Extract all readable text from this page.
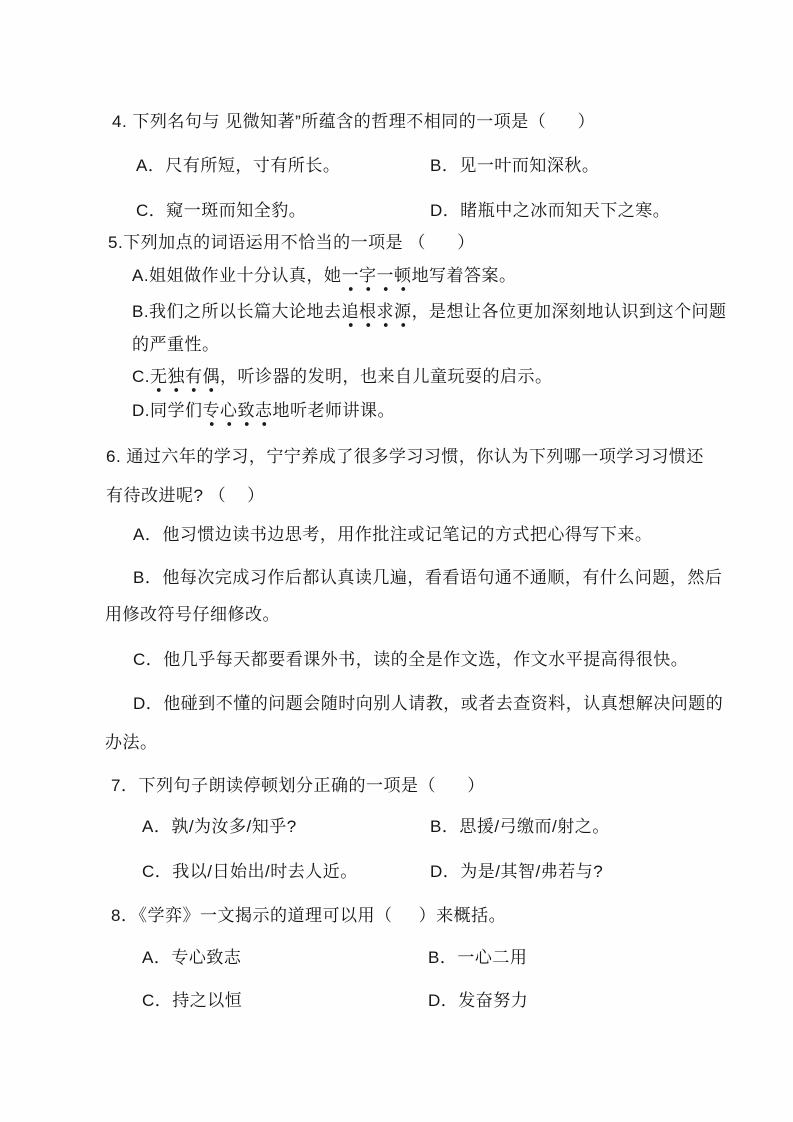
4. 下列名句与 见微知著”所蕴含的哲理不相同的一项是（      ）
A．尺有所短，寸有所长。	B．见一叶而知深秋。
C．窥一斑而知全豹。	D．睹瓶中之冰而知天下之寒。
5.下列加点的词语运用不恰当的一项是 （      ）
A.姐姐做作业十分认真，她一字一顿地写着答案。
B.我们之所以长篇大论地去追根求源，是想让各位更加深刻地认识到这个问题
的严重性。
C.无独有偶，听诊器的发明，也来自儿童玩耍的启示。
D.同学们专心致志地听老师讲课。
6. 通过六年的学习，宁宁养成了很多学习习惯，你认为下列哪一项学习习惯还
有待改进呢? （    ）
A．他习惯边读书边思考，用作批注或记笔记的方式把心得写下来。
B．他每次完成习作后都认真读几遍，看看语句通不通顺，有什么问题，然后
用修改符号仔细修改。
C．他几乎每天都要看课外书，读的全是作文选，作文水平提高得很快。
D．他碰到不懂的问题会随时向别人请教，或者去查资料，认真想解决问题的
办法。
7．下列句子朗读停顿划分正确的一项是（      ）
A．孰/为汝多/知乎?	B．思援/弓缴而/射之。
C．我以/日始出/时去人近。	D．为是/其智/弗若与?
8．《学弈》一文揭示的道理可以用（     ）来概括。
A．专心致志	B．一心二用
C．持之以恒	D．发奋努力
